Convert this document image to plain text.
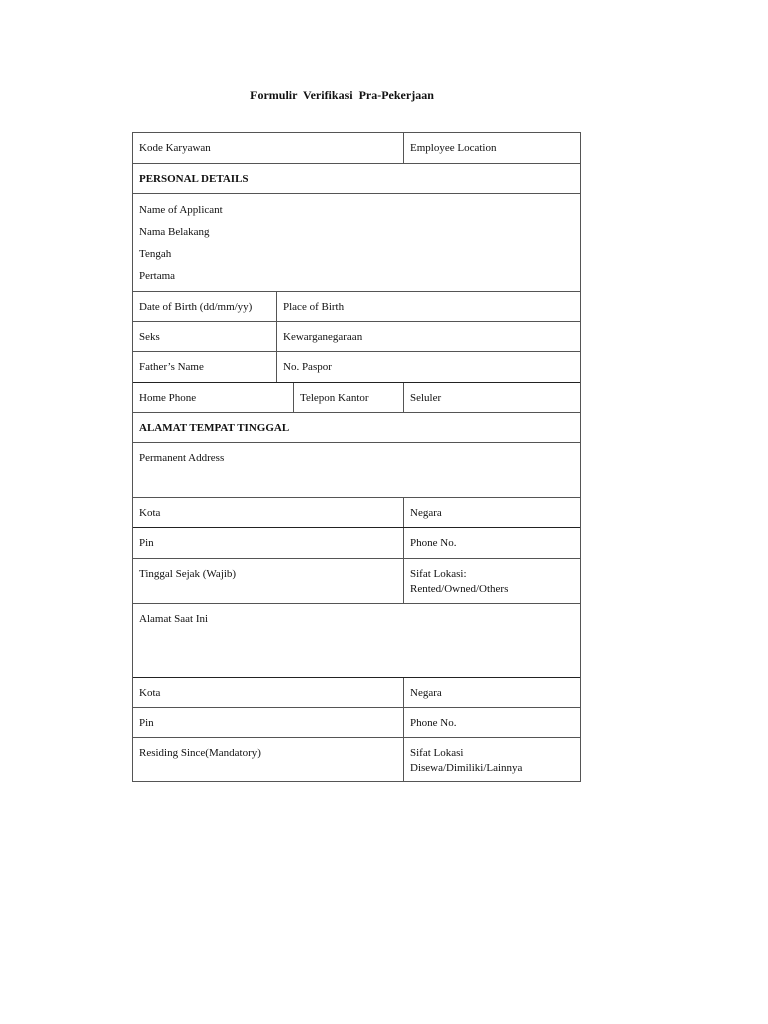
Formulir Verifikasi Pra-Pekerjaan
Kode Karyawan	Employee Location
PERSONAL DETAILS
Name of Applicant
Nama Belakang
Tengah
Pertama
Date of Birth (dd/mm/yy)	Place of Birth
Seks	Kewarganegaraan
Father’s Name	No. Paspor
Home Phone	Telepon Kantor	Seluler
ALAMAT TEMPAT TINGGAL
Permanent Address
Kota	Negara
Pin	Phone No.
Tinggal Sejak (Wajib)	Sifat Lokasi:
Rented/Owned/Others
Alamat Saat Ini
Kota	Negara
Pin	Phone No.
Residing Since(Mandatory)	Sifat Lokasi
Disewa/Dimiliki/Lainnya
